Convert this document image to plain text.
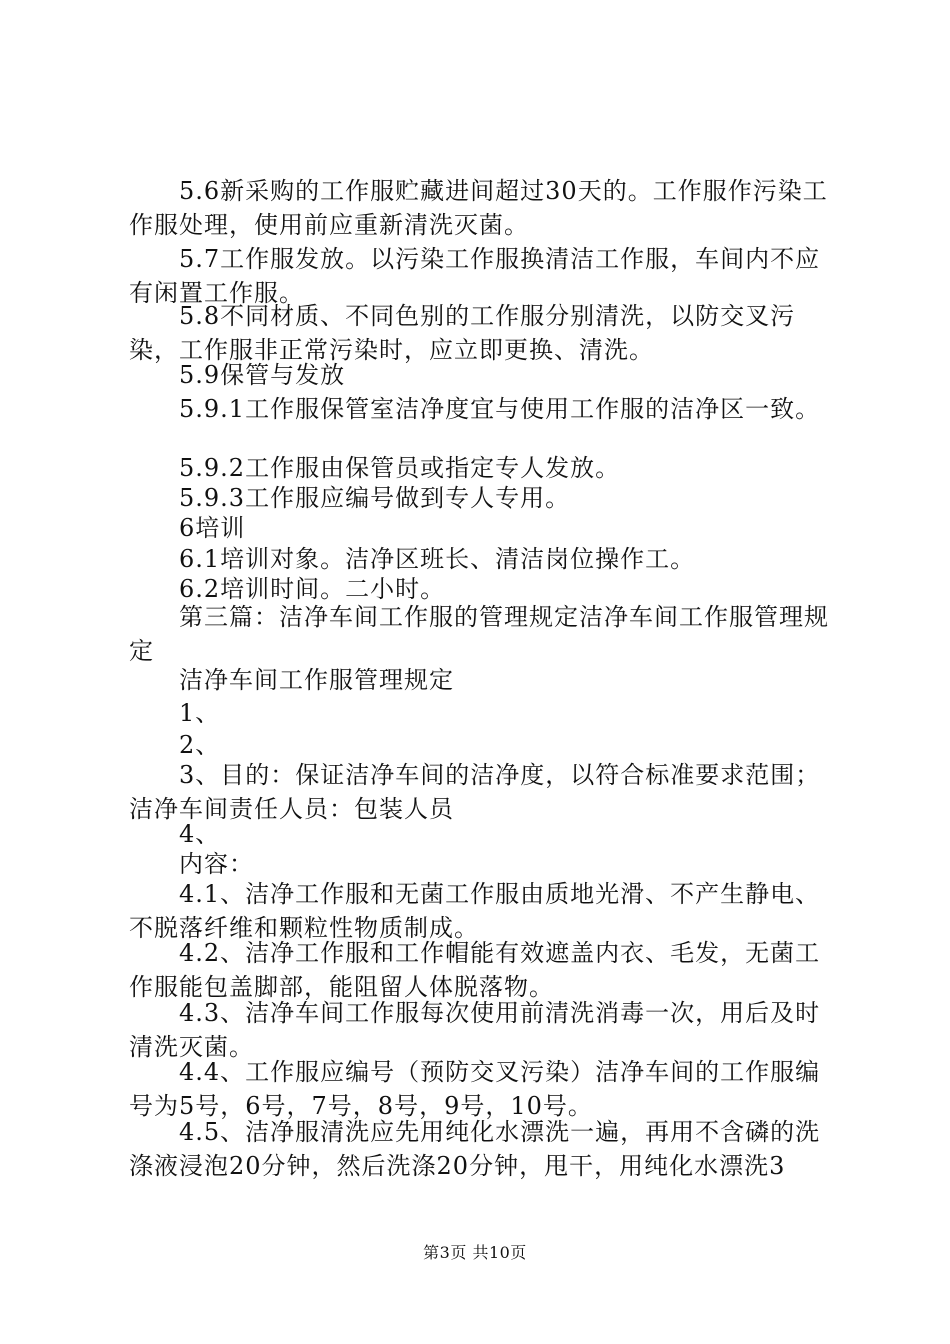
　　5.6新采购的工作服贮藏进间超过30天的。工作服作污染工作服处理，使用前应重新清洗灭菌。

　　5.7工作服发放。以污染工作服换清洁工作服，车间内不应有闲置工作服。

　　5.8不同材质、不同色别的工作服分别清洗，以防交叉污染，工作服非正常污染时，应立即更换、清洗。

　　5.9保管与发放

　　5.9.1工作服保管室洁净度宜与使用工作服的洁净区一致。

　　5.9.2工作服由保管员或指定专人发放。

　　5.9.3工作服应编号做到专人专用。

　　6培训

　　6.1培训对象。洁净区班长、清洁岗位操作工。

　　6.2培训时间。二小时。

　　第三篇：洁净车间工作服的管理规定洁净车间工作服管理规定

　　洁净车间工作服管理规定

　　1、

　　2、

　　3、目的：保证洁净车间的洁净度，以符合标准要求范围；洁净车间责任人员：包装人员

　　4、

　　内容：

　　4.1、洁净工作服和无菌工作服由质地光滑、不产生静电、不脱落纤维和颗粒性物质制成。

　　4.2、洁净工作服和工作帽能有效遮盖内衣、毛发，无菌工作服能包盖脚部，能阻留人体脱落物。

　　4.3、洁净车间工作服每次使用前清洗消毒一次，用后及时清洗灭菌。

　　4.4、工作服应编号（预防交叉污染）洁净车间的工作服编号为5号，6号，7号，8号，9号，10号。

　　4.5、洁净服清洗应先用纯化水漂洗一遍，再用不含磷的洗涤液浸泡20分钟，然后洗涤20分钟，甩干，用纯化水漂洗3

第3页 共10页
